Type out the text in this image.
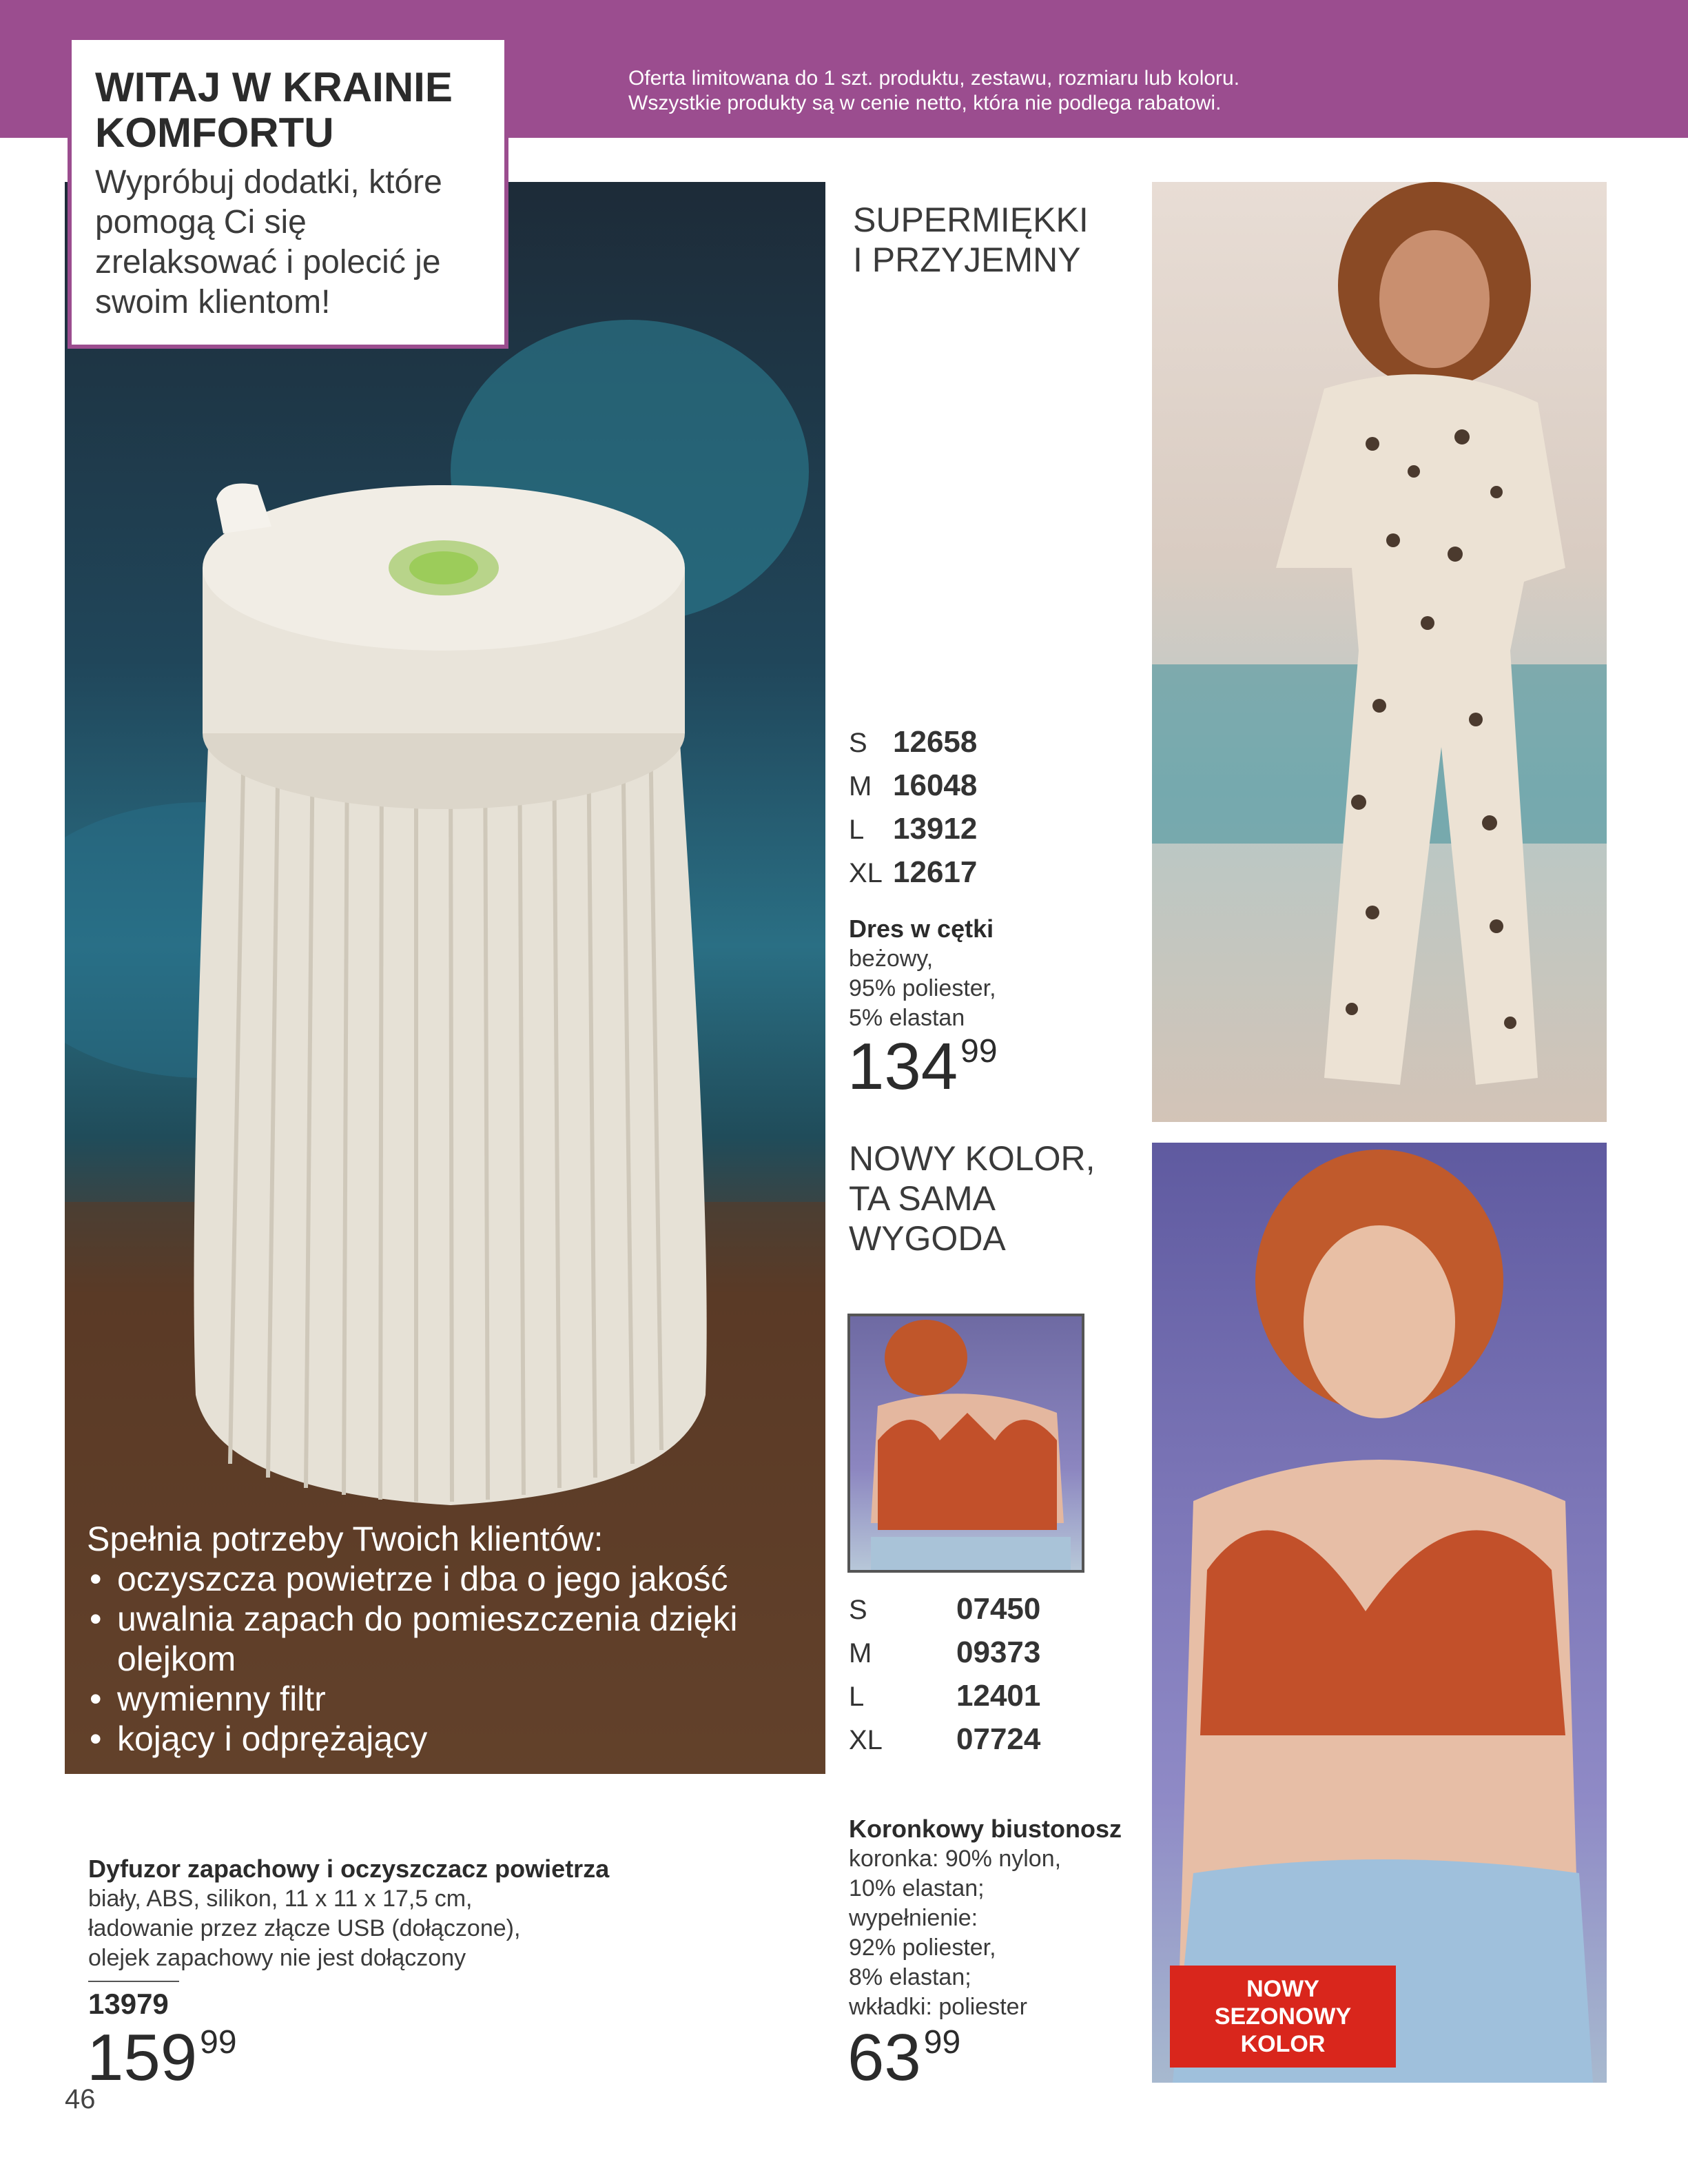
Oferta limitowana do 1 szt. produktu, zestawu, rozmiaru lub koloru.
Wszystkie produkty są w cenie netto, która nie podlega rabatowi.
WITAJ W KRAINIE KOMFORTU
Wypróbuj dodatki, które pomogą Ci się zrelaksować i polecić je swoim klientom!
Spełnia potrzeby Twoich klientów:
• oczyszcza powietrze i dba o jego jakość
• uwalnia zapach do pomieszczenia dzięki olejkom
• wymienny filtr
• kojący i odprężający
Dyfuzor zapachowy i oczyszczacz powietrza
biały, ABS, silikon, 11 x 11 x 17,5 cm,
ładowanie przez złącze USB (dołączone),
olejek zapachowy nie jest dołączony
13979
159 99
SUPERMIĘKKI
I PRZYJEMNY
S 12658
M 16048
L 13912
XL 12617
Dres w cętki
beżowy,
95% poliester,
5% elastan
134 99
NOWY KOLOR,
TA SAMA
WYGODA
S	07450
M	09373
L	12401
XL	07724
Koronkowy biustonosz
koronka: 90% nylon,
10% elastan;
wypełnienie:
92% poliester,
8% elastan;
wkładki: poliester
63 99
NOWY
SEZONOWY
KOLOR
46
